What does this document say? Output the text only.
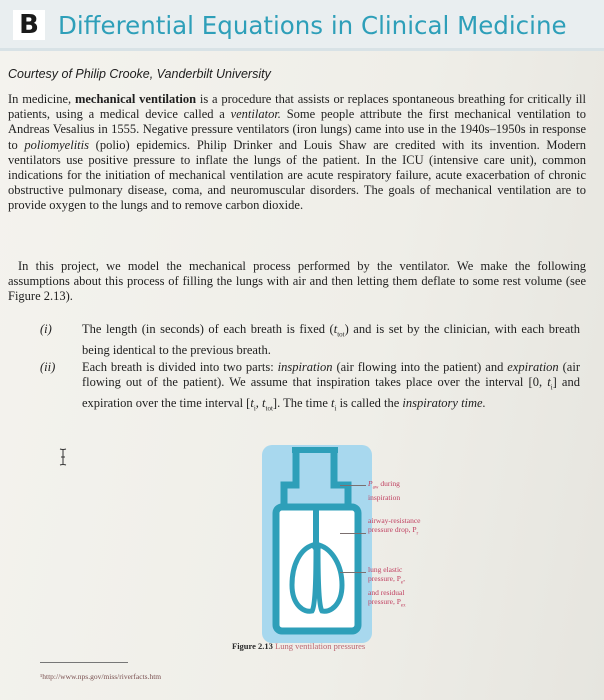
B Differential Equations in Clinical Medicine
Courtesy of Philip Crooke, Vanderbilt University
In medicine, mechanical ventilation is a procedure that assists or replaces spontaneous breathing for critically ill patients, using a medical device called a ventilator. Some people attribute the first mechanical ventilation to Andreas Vesalius in 1555. Negative pressure ventilators (iron lungs) came into use in the 1940s–1950s in response to poliomyelitis (polio) epidemics. Philip Drinker and Louis Shaw are credited with its invention. Modern ventilators use positive pressure to inflate the lungs of the patient. In the ICU (intensive care unit), common indications for the initiation of mechanical ventilation are acute respiratory failure, acute exacerbation of chronic obstructive pulmonary disease, coma, and neuromuscular disorders. The goals of mechanical ventilation are to provide oxygen to the lungs and to remove carbon dioxide.
In this project, we model the mechanical process performed by the ventilator. We make the following assumptions about this process of filling the lungs with air and then letting them deflate to some rest volume (see Figure 2.13).
(i) The length (in seconds) of each breath is fixed $(t_{tot})$ and is set by the clinician, with each breath being identical to the previous breath.
(ii) Each breath is divided into two parts: inspiration (air flowing into the patient) and expiration (air flowing out of the patient). We assume that inspiration takes place over the interval [0, $t_i$] and expiration over the time interval [$t_i$, $t_{tot}$]. The time $t_i$ is called the inspiratory time.
$P_{aw}$ during
inspiration
airway-resistance
pressure drop, $P_r$
lung elastic
pressure, $P_e$,
and residual
pressure, $P_{ex}$
Figure 2.13 Lung ventilation pressures
¹http://www.nps.gov/miss/riverfacts.htm
